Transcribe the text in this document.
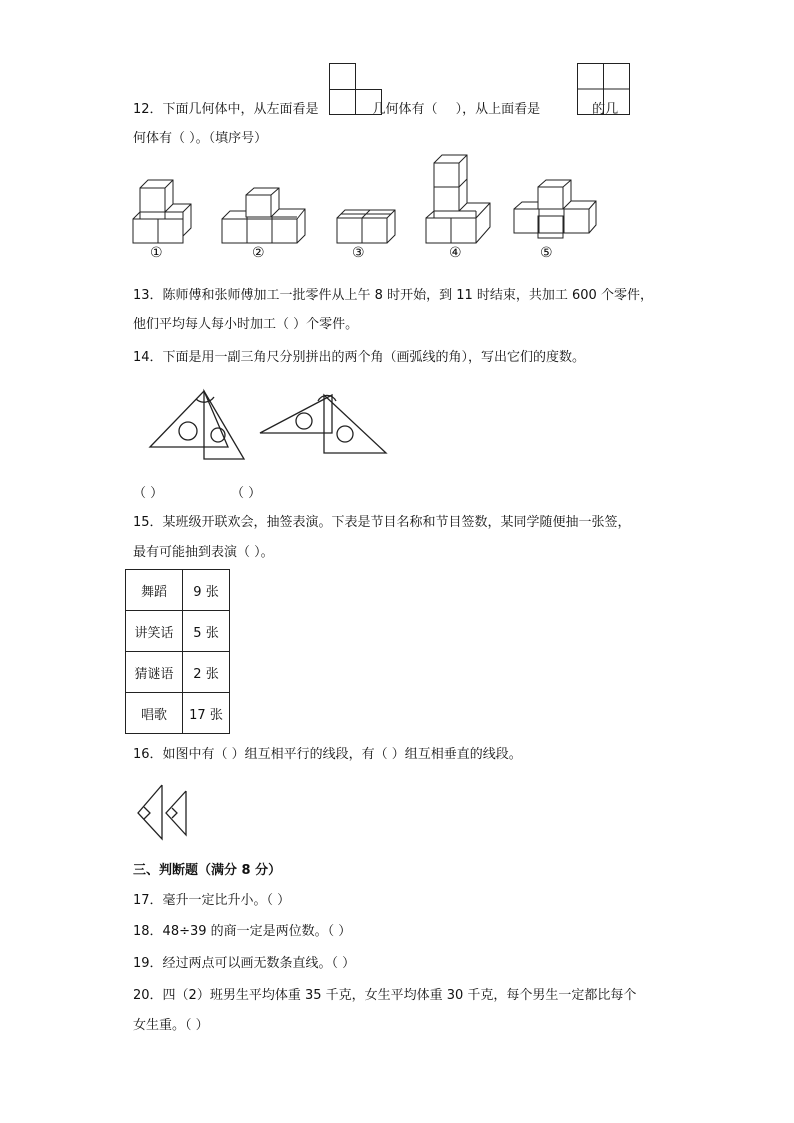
12．下面几何体中，从左面看是	几何体有（ ），从上面看是	的几
何体有（ ）。（填序号）
①	②	③	④	⑤
13．陈师傅和张师傅加工一批零件从上午 8 时开始，到 11 时结束，共加工 600 个零件，
他们平均每人每小时加工（ ）个零件。
14．下面是用一副三角尺分别拼出的两个角（画弧线的角），写出它们的度数。
（ ）	（ ）
15．某班级开联欢会，抽签表演。下表是节目名称和节目签数，某同学随便抽一张签，
最有可能抽到表演（ ）。
舞蹈	9 张
讲笑话	5 张
猜谜语	2 张
唱歌	17 张
16．如图中有（ ）组互相平行的线段，有（ ）组互相垂直的线段。
三、判断题（满分 8 分）
17．毫升一定比升小。（ ）
18．48÷39 的商一定是两位数。（ ）
19．经过两点可以画无数条直线。（ ）
20．四（2）班男生平均体重 35 千克，女生平均体重 30 千克，每个男生一定都比每个
女生重。（ ）
